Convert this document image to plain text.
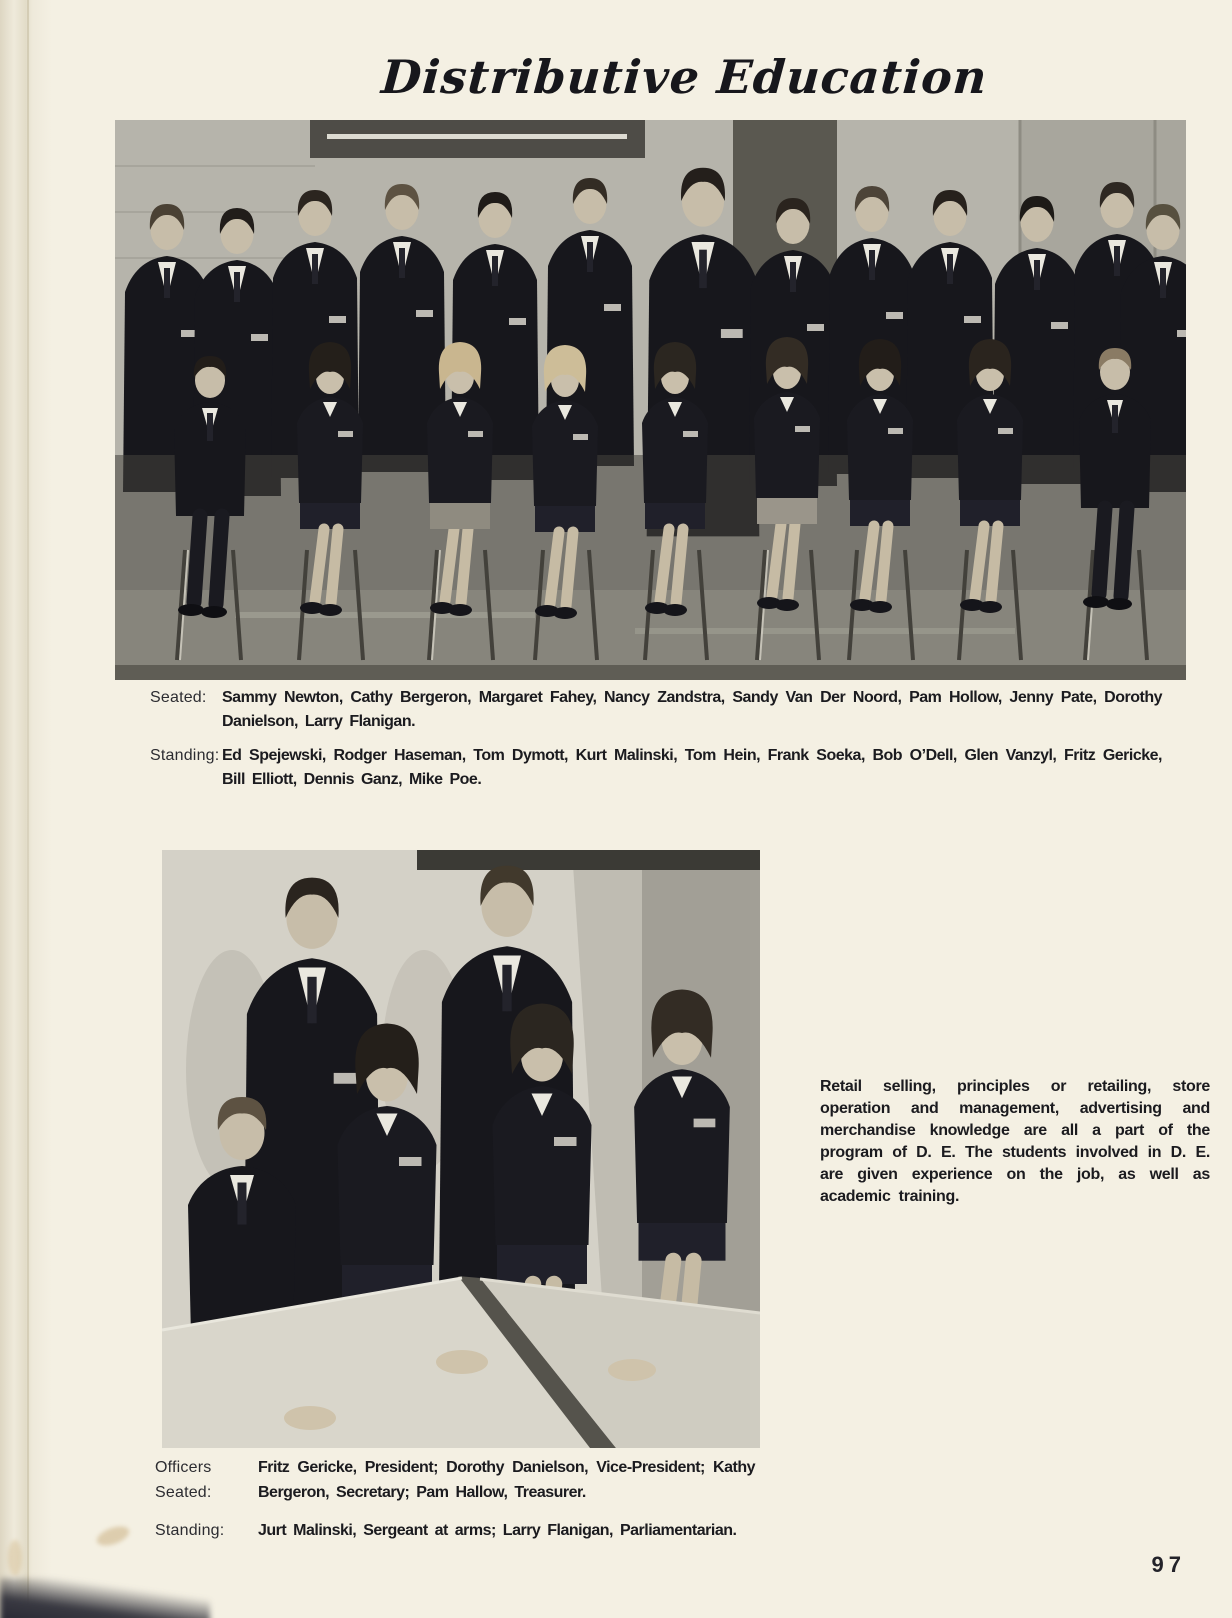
Distributive Education
Seated: Sammy Newton, Cathy Bergeron, Margaret Fahey, Nancy Zandstra, Sandy Van Der Noord, Pam Hollow, Jenny Pate, Dorothy Danielson, Larry Flanigan.
Standing: Ed Spejewski, Rodger Haseman, Tom Dymott, Kurt Malinski, Tom Hein, Frank Soeka, Bob O’Dell, Glen Vanzyl, Fritz Gericke, Bill Elliott, Dennis Ganz, Mike Poe.

Retail selling, principles or retailing, store operation and management, advertising and merchandise knowledge are all a part of the program of D. E. The students involved in D. E. are given experience on the job, as well as academic training.

Officers Seated:
Fritz Gericke, President; Dorothy Danielson, Vice-President; Kathy Bergeron, Secretary; Pam Hallow, Treasurer.
Standing:	Jurt Malinski, Sergeant at arms; Larry Flanigan, Parliamentarian.
97
